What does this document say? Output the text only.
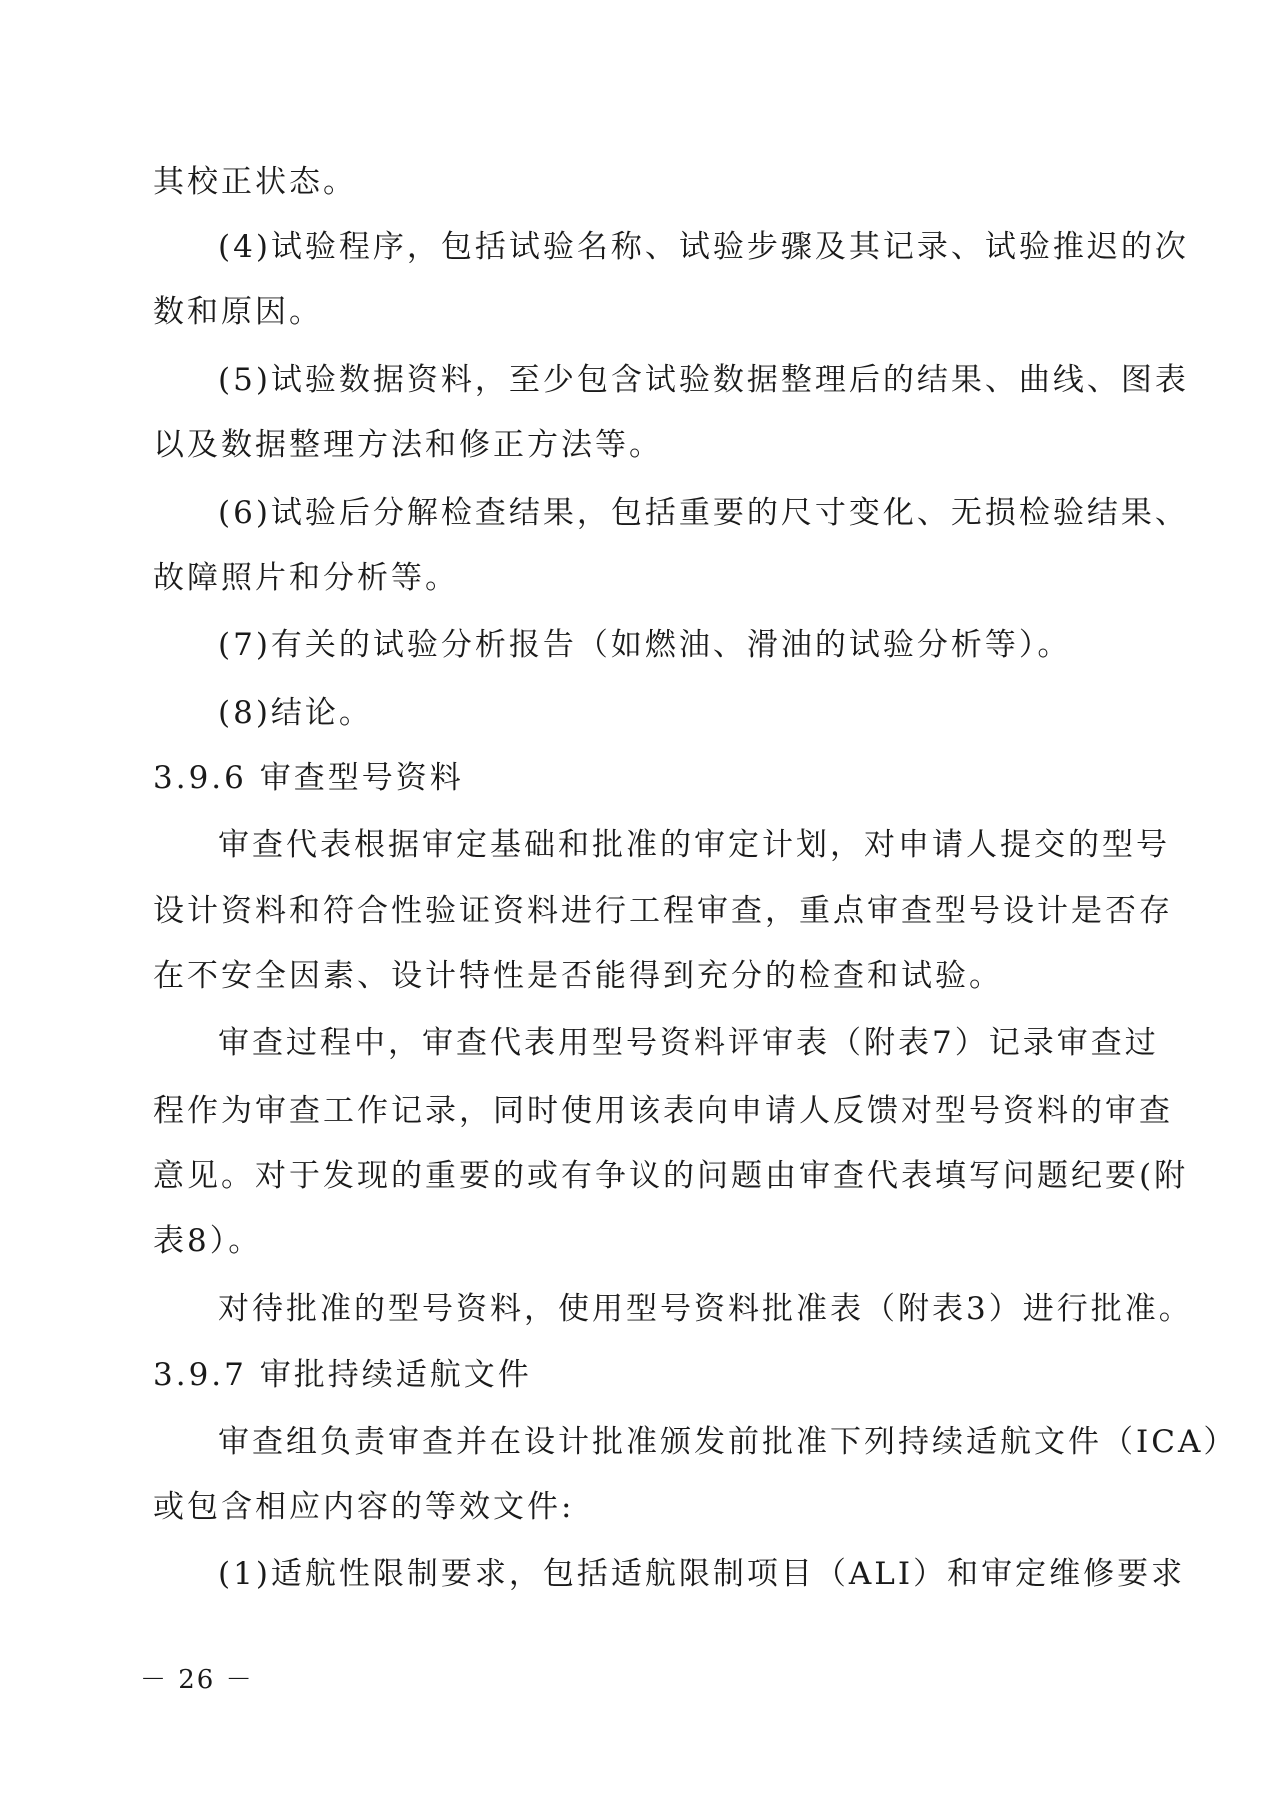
其校正状态。
(4)试验程序，包括试验名称、试验步骤及其记录、试验推迟的次
数和原因。
(5)试验数据资料，至少包含试验数据整理后的结果、曲线、图表
以及数据整理方法和修正方法等。
(6)试验后分解检查结果，包括重要的尺寸变化、无损检验结果、
故障照片和分析等。
(7)有关的试验分析报告（如燃油、滑油的试验分析等）。
(8)结论。
3.9.6 审查型号资料
审查代表根据审定基础和批准的审定计划，对申请人提交的型号
设计资料和符合性验证资料进行工程审查，重点审查型号设计是否存
在不安全因素、设计特性是否能得到充分的检查和试验。
审查过程中，审查代表用型号资料评审表（附表7）记录审查过
程作为审查工作记录，同时使用该表向申请人反馈对型号资料的审查
意见。对于发现的重要的或有争议的问题由审查代表填写问题纪要(附
表8）。
对待批准的型号资料，使用型号资料批准表（附表3）进行批准。
3.9.7 审批持续适航文件
审查组负责审查并在设计批准颁发前批准下列持续适航文件（ICA）
或包含相应内容的等效文件:
(1)适航性限制要求，包括适航限制项目（ALI）和审定维修要求
－ 26 －
